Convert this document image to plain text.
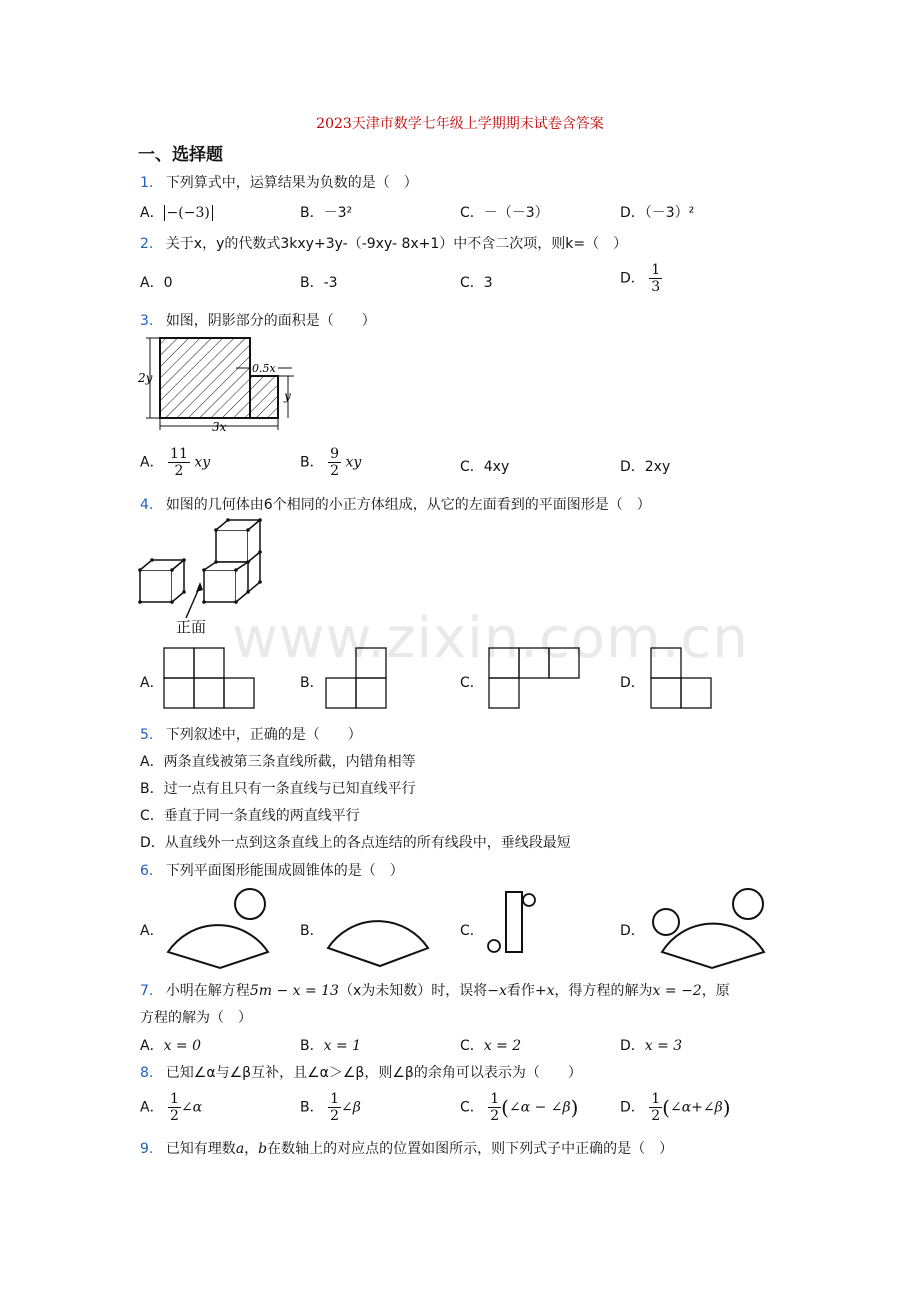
2023天津市数学七年级上学期期末试卷含答案
一、选择题
www.zixin.com.cn
1. 下列算式中，运算结果为负数的是（　）
A． −(−3)	B．－3²	C．－（－3）	D．（－3）²
2. 关于x，y的代数式3kxy+3y-（-9xy- 8x+1）中不含二次项，则k=（　）
A．0	B．-3	C．3	D． $\frac{1}{3}$
3. 如图，阴影部分的面积是（　　）
2y
0.5x
y
3x
A． $\frac{11}{2}$ xy	B． $\frac{9}{2}$ xy	C．4xy	D．2xy
4. 如图的几何体由6个相同的小正方体组成，从它的左面看到的平面图形是（　）
正面
A．	B．	C．	D．
5. 下列叙述中，正确的是（　　）
A．两条直线被第三条直线所截，内错角相等
B．过一点有且只有一条直线与已知直线平行
C．垂直于同一条直线的两直线平行
D．从直线外一点到这条直线上的各点连结的所有线段中，垂线段最短
6. 下列平面图形能围成圆锥体的是（　）
A．	B．	C．	D．
7. 小明在解方程5m − x = 13（x为未知数）时，误将−x看作+x，得方程的解为x = −2，原
方程的解为（　）
A．x = 0	B．x = 1	C．x = 2	D．x = 3
8. 已知∠α与∠β互补，且∠α＞∠β，则∠β的余角可以表示为（　　）
A． $\frac{1}{2}$ ∠α	B． $\frac{1}{2}$ ∠β	C． $\frac{1}{2}$ (∠α − ∠β)	D． $\frac{1}{2}$ (∠α+∠β)
9. 已知有理数a，b在数轴上的对应点的位置如图所示，则下列式子中正确的是（　）
